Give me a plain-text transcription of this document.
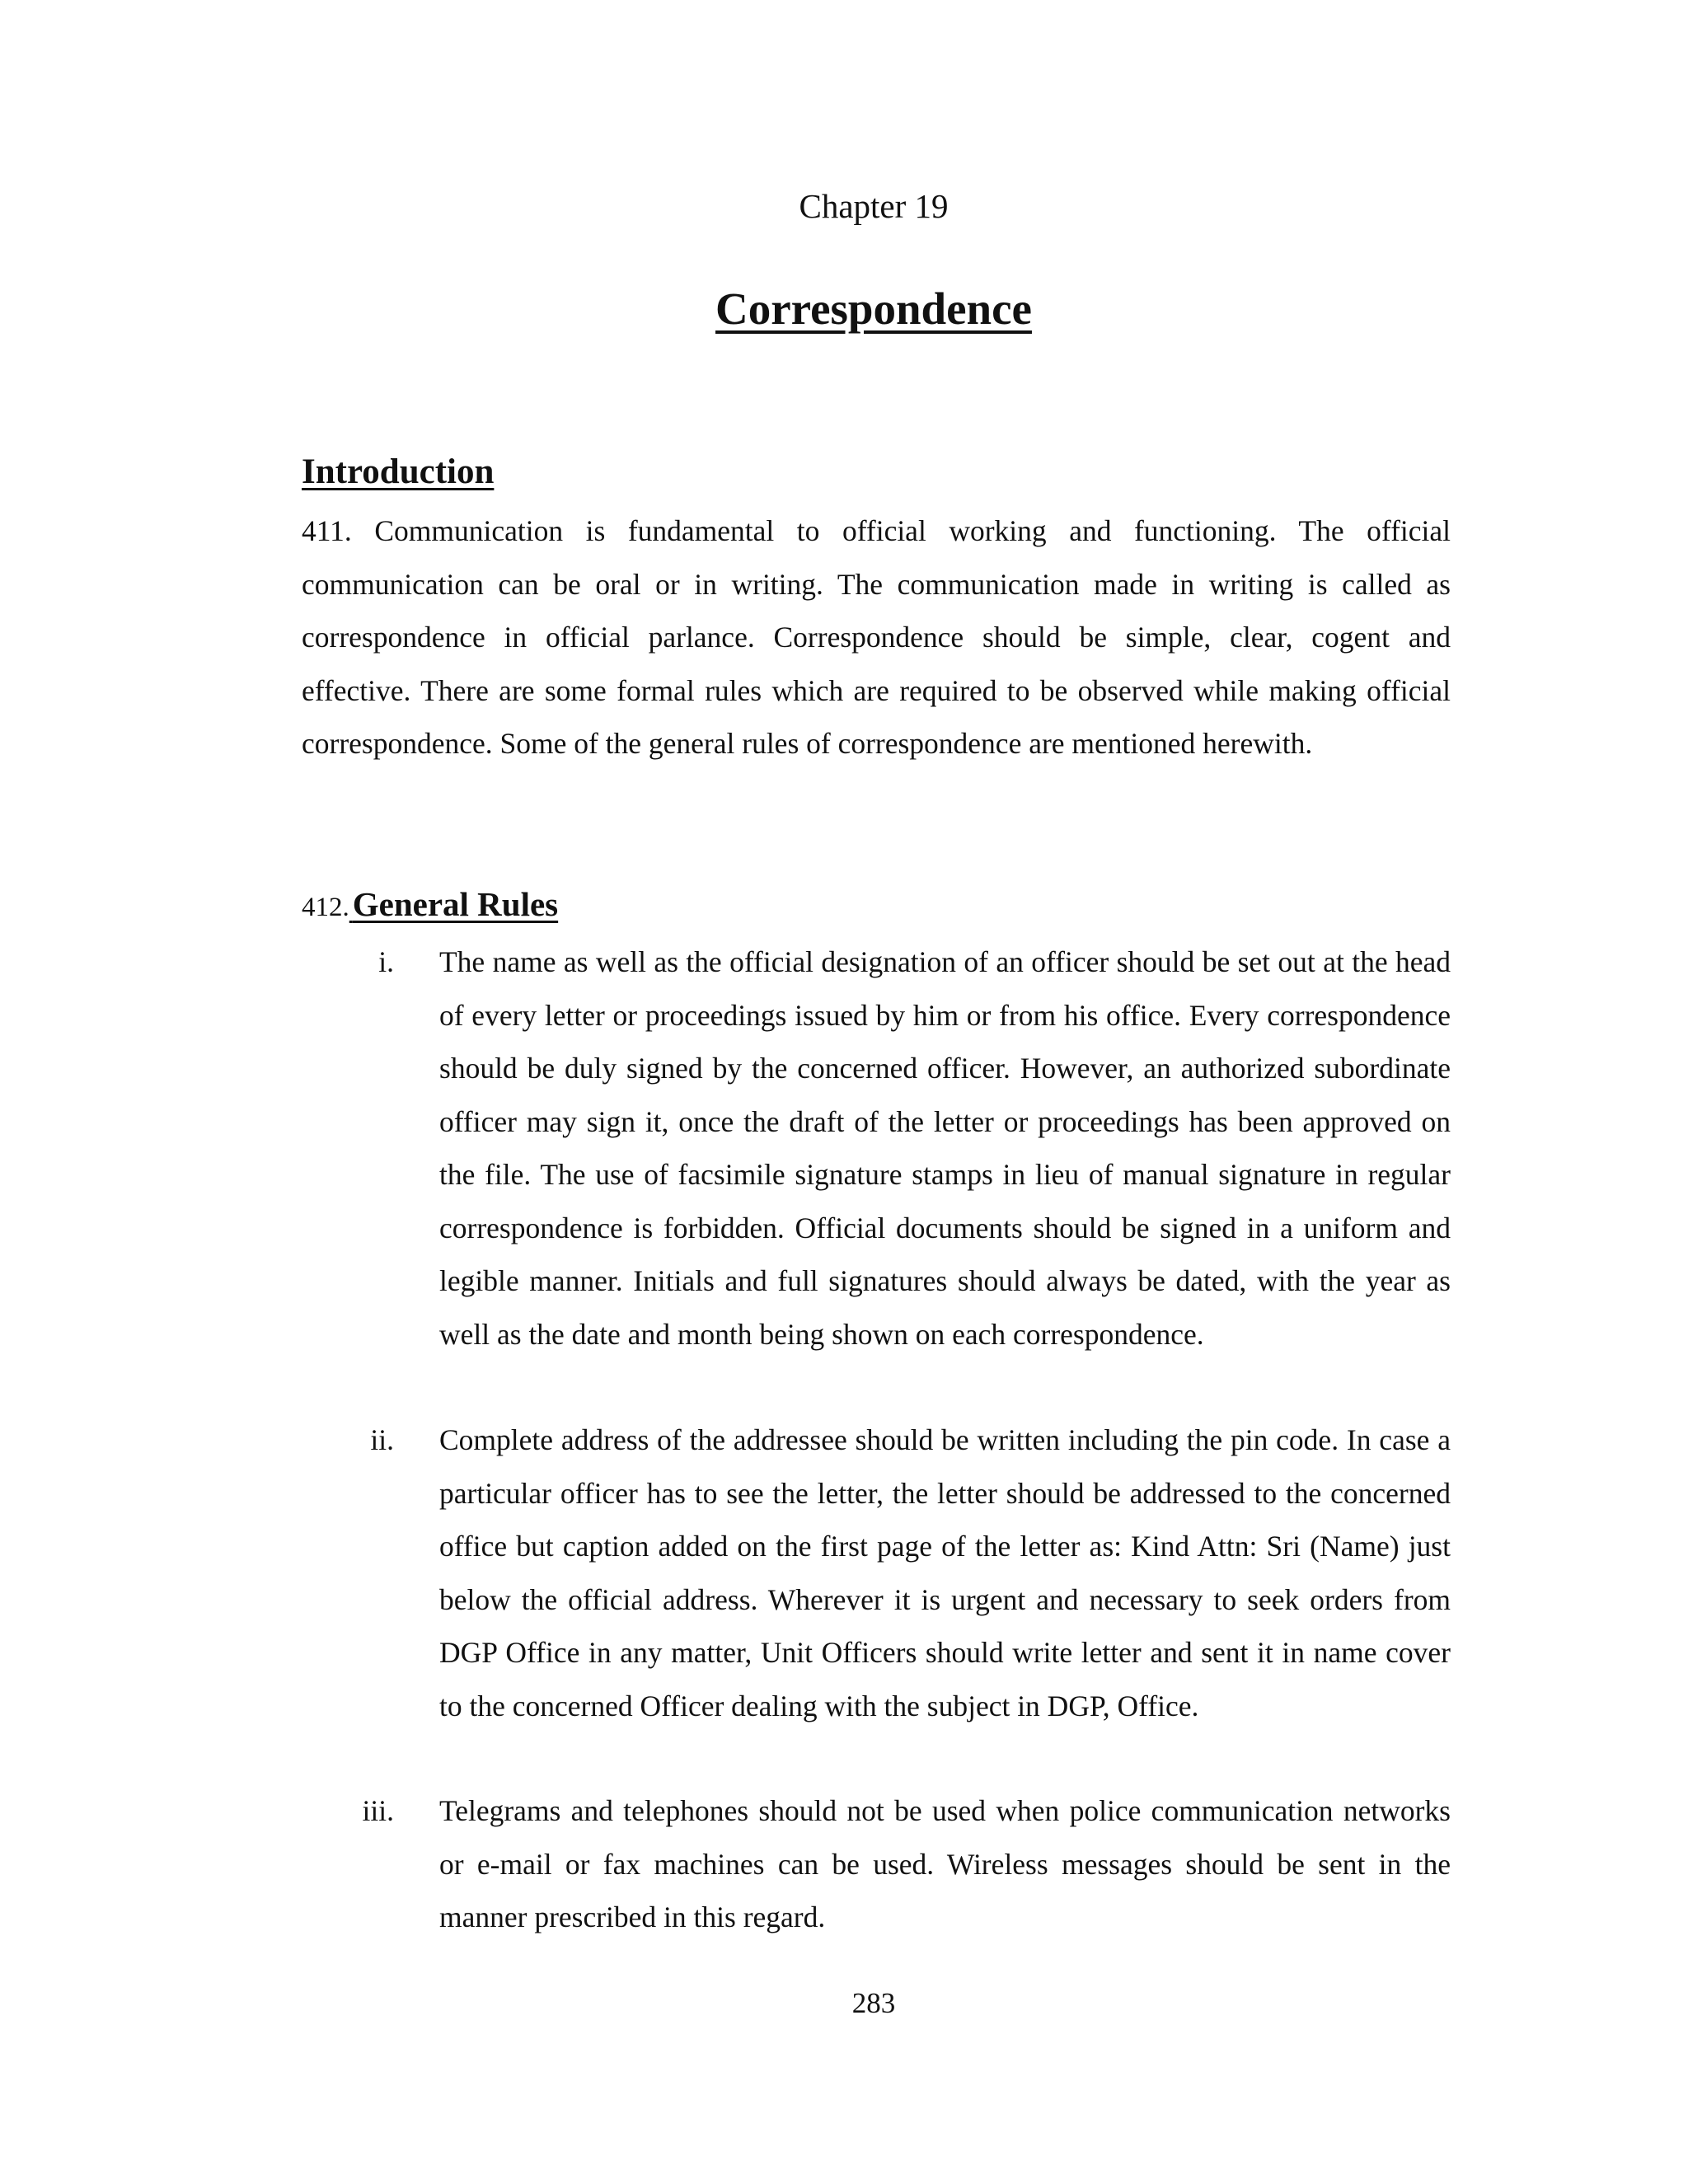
Chapter 19
Correspondence
Introduction
411. Communication is fundamental to official working and functioning. The official communication can be oral or in writing. The communication made in writing is called as correspondence in official parlance. Correspondence should be simple, clear, cogent and effective. There are some formal rules which are required to be observed while making official correspondence. Some of the general rules of correspondence are mentioned herewith.
412. General Rules
i. The name as well as the official designation of an officer should be set out at the head of every letter or proceedings issued by him or from his office. Every correspondence should be duly signed by the concerned officer. However, an authorized subordinate officer may sign it, once the draft of the letter or proceedings has been approved on the file. The use of facsimile signature stamps in lieu of manual signature in regular correspondence is forbidden. Official documents should be signed in a uniform and legible manner. Initials and full signatures should always be dated, with the year as well as the date and month being shown on each correspondence.
ii. Complete address of the addressee should be written including the pin code. In case a particular officer has to see the letter, the letter should be addressed to the concerned office but caption added on the first page of the letter as: Kind Attn: Sri (Name) just below the official address. Wherever it is urgent and necessary to seek orders from DGP Office in any matter, Unit Officers should write letter and sent it in name cover to the concerned Officer dealing with the subject in DGP, Office.
iii. Telegrams and telephones should not be used when police communication networks or e-mail or fax machines can be used. Wireless messages should be sent in the manner prescribed in this regard.
283
